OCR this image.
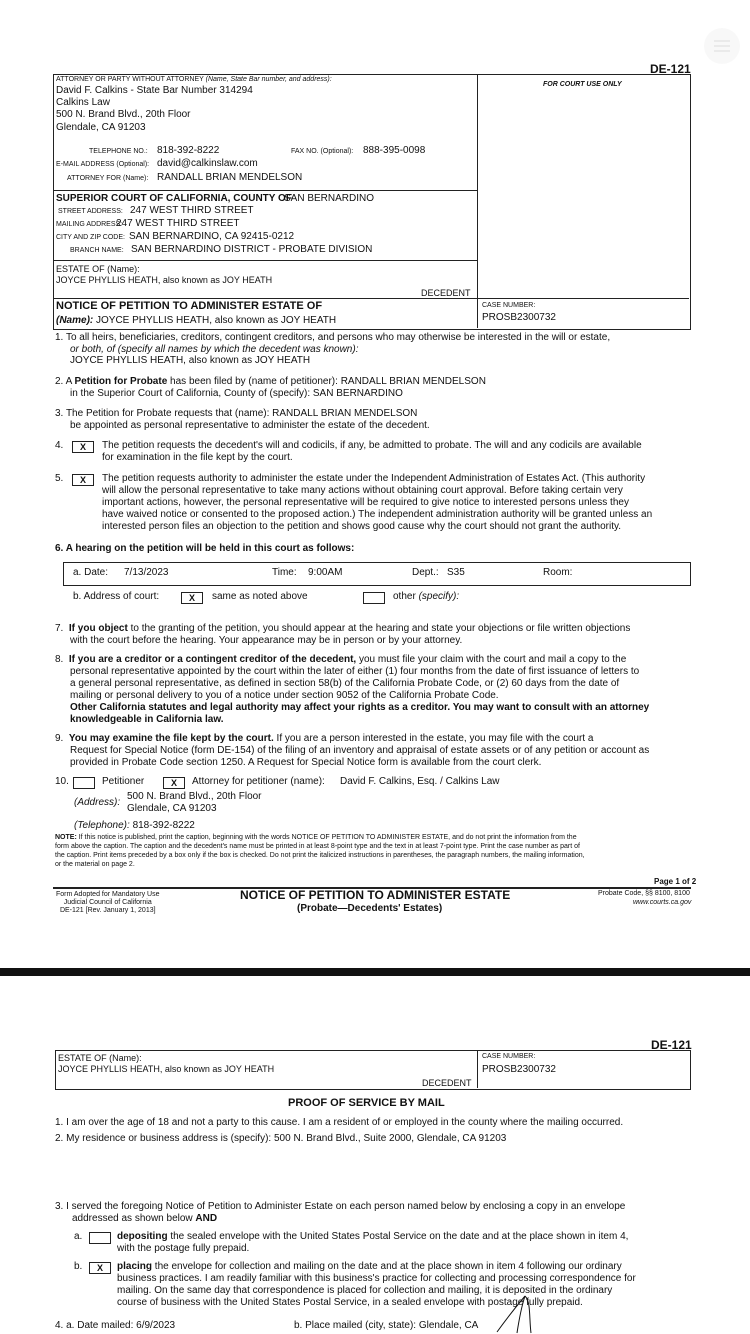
DE-121
ATTORNEY OR PARTY WITHOUT ATTORNEY (Name, State Bar number, and address):
FOR COURT USE ONLY
David F. Calkins - State Bar Number 314294
Calkins Law
500 N. Brand Blvd., 20th Floor
Glendale, CA 91203
TELEPHONE NO.: 818-392-8222	FAX NO. (Optional): 888-395-0098
E-MAIL ADDRESS (Optional): david@calkinslaw.com
ATTORNEY FOR (Name): RANDALL BRIAN MENDELSON
SUPERIOR COURT OF CALIFORNIA, COUNTY OF
SAN BERNARDINO
STREET ADDRESS: 247 WEST THIRD STREET
MAILING ADDRESS:
247 WEST THIRD STREET
CITY AND ZIP CODE: SAN BERNARDINO, CA 92415-0212
BRANCH NAME: SAN BERNARDINO DISTRICT - PROBATE DIVISION
ESTATE OF (Name):
JOYCE PHYLLIS HEATH, also known as JOY HEATH
DECEDENT
NOTICE OF PETITION TO ADMINISTER ESTATE OF
(Name): JOYCE PHYLLIS HEATH, also known as JOY HEATH
CASE NUMBER:
PROSB2300732
1. To all heirs, beneficiaries, creditors, contingent creditors, and persons who may otherwise be interested in the will or estate,
or both, of (specify all names by which the decedent was known):
JOYCE PHYLLIS HEATH, also known as JOY HEATH
2. A Petition for Probate has been filed by (name of petitioner): RANDALL BRIAN MENDELSON
in the Superior Court of California, County of (specify): SAN BERNARDINO
3. The Petition for Probate requests that (name): RANDALL BRIAN MENDELSON
be appointed as personal representative to administer the estate of the decedent.
4.	X	The petition requests the decedent's will and codicils, if any, be admitted to probate. The will and any codicils are available
for examination in the file kept by the court.
5.	X	The petition requests authority to administer the estate under the Independent Administration of Estates Act. (This authority
will allow the personal representative to take many actions without obtaining court approval. Before taking certain very
important actions, however, the personal representative will be required to give notice to interested persons unless they
have waived notice or consented to the proposed action.) The independent administration authority will be granted unless an
interested person files an objection to the petition and shows good cause why the court should not grant the authority.
6. A hearing on the petition will be held in this court as follows:
a. Date: 7/13/2023	Time: 9:00AM	Dept.: S35	Room:
b. Address of court:	X	same as noted above	other (specify):
7.  If you object to the granting of the petition, you should appear at the hearing and state your objections or file written objections
with the court before the hearing. Your appearance may be in person or by your attorney.
8.  If you are a creditor or a contingent creditor of the decedent, you must file your claim with the court and mail a copy to the
personal representative appointed by the court within the later of either (1) four months from the date of first issuance of letters to
a general personal representative, as defined in section 58(b) of the California Probate Code, or (2) 60 days from the date of
mailing or personal delivery to you of a notice under section 9052 of the California Probate Code.
Other California statutes and legal authority may affect your rights as a creditor. You may want to consult with an attorney
knowledgeable in California law.
9.  You may examine the file kept by the court. If you are a person interested in the estate, you may file with the court a
Request for Special Notice (form DE-154) of the filing of an inventory and appraisal of estate assets or of any petition or account as
provided in Probate Code section 1250. A Request for Special Notice form is available from the court clerk.
10.	Petitioner	X	Attorney for petitioner (name): David F. Calkins, Esq. / Calkins Law
(Address):
500 N. Brand Blvd., 20th Floor
Glendale, CA 91203
(Telephone): 818-392-8222
NOTE: If this notice is published, print the caption, beginning with the words NOTICE OF PETITION TO ADMINISTER ESTATE, and do not print the information from the
form above the caption. The caption and the decedent's name must be printed in at least 8-point type and the text in at least 7-point type. Print the case number as part of
the caption. Print items preceded by a box only if the box is checked. Do not print the italicized instructions in parentheses, the paragraph numbers, the mailing information,
or the material on page 2.
Page 1 of 2
Form Adopted for Mandatory Use
Judicial Council of California
DE-121 [Rev. January 1, 2013]
NOTICE OF PETITION TO ADMINISTER ESTATE
(Probate—Decedents' Estates)
Probate Code, §§ 8100, 8100
www.courts.ca.gov
DE-121
ESTATE OF (Name):
JOYCE PHYLLIS HEATH, also known as JOY HEATH
DECEDENT
CASE NUMBER:
PROSB2300732
PROOF OF SERVICE BY MAIL
1. I am over the age of 18 and not a party to this cause. I am a resident of or employed in the county where the mailing occurred.
2. My residence or business address is (specify): 500 N. Brand Blvd., Suite 2000, Glendale, CA 91203
3. I served the foregoing Notice of Petition to Administer Estate on each person named below by enclosing a copy in an envelope
addressed as shown below AND
a.	depositing the sealed envelope with the United States Postal Service on the date and at the place shown in item 4,
with the postage fully prepaid.
b.	X	placing the envelope for collection and mailing on the date and at the place shown in item 4 following our ordinary
business practices. I am readily familiar with this business's practice for collecting and processing correspondence for
mailing. On the same day that correspondence is placed for collection and mailing, it is deposited in the ordinary
course of business with the United States Postal Service, in a sealed envelope with postage fully prepaid.
4. a. Date mailed: 6/9/2023	b. Place mailed (city, state): Glendale, CA
